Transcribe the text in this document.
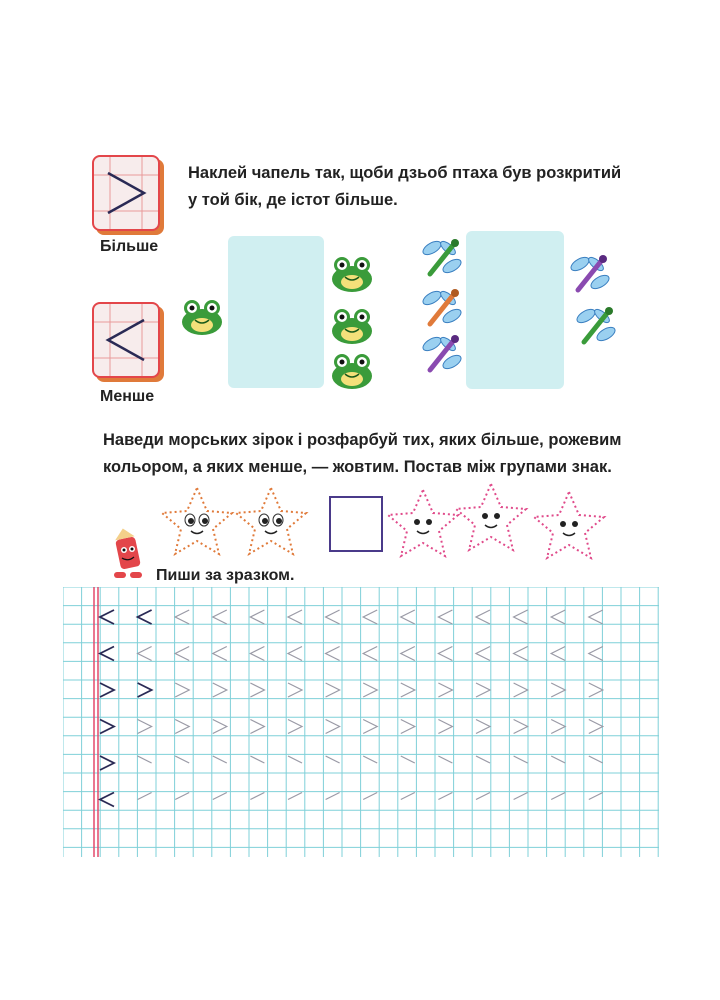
Наклей чапель так, щоби дзьоб птаха був розкритий
у той бік, де істот більше.
Більше
Менше
Наведи морських зірок і розфарбуй тих, яких більше, рожевим
кольором, а яких менше, — жовтим. Постав між групами знак.
Пиши за зразком.
